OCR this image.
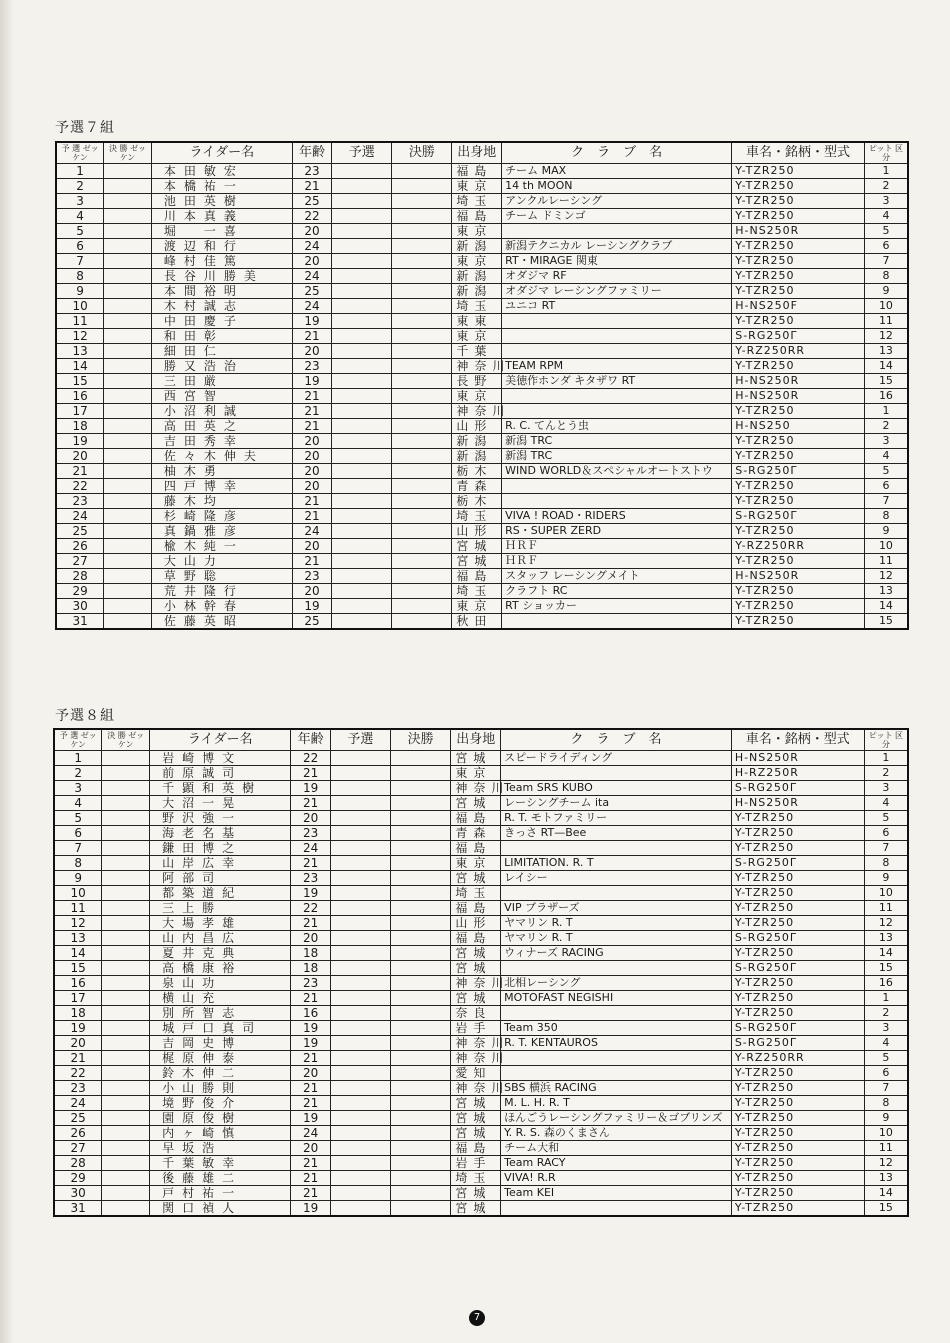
予選７組
予 選 ゼッケン	決 勝 ゼッケン	ライダー名	年齢	予選	決勝	出身地	ク　ラ　ブ　名	車名・銘柄・型式	ピット 区 分
1		本田敏宏	23			福島	チーム MAX	Y-TZR250	1
2		本橋祐一	21			東京	14 th MOON	Y-TZR250	2
3		池田英樹	25			埼玉	アンクルレーシング	Y-TZR250	3
4		川本真義	22			福島	チーム ドミンゴ	Y-TZR250	4
5		堀　一喜	20			東京		H-NS250R	5
6		渡辺和行	24			新潟	新潟テクニカル レーシングクラブ	Y-TZR250	6
7		峰村佳篤	20			東京	RT・MIRAGE 関東	Y-TZR250	7
8		長谷川勝美	24			新潟	オダジマ RF	Y-TZR250	8
9		本間裕明	25			新潟	オダジマ レーシングファミリー	Y-TZR250	9
10		木村誠志	24			埼玉	ユニコ RT	H-NS250F	10
11		中田慶子	19			東東		Y-TZR250	11
12		和田彰	21			東京		S-RG250Γ	12
13		細田仁	20			千葉		Y-RZ250RR	13
14		勝又浩治	23			神奈川	TEAM RPM	Y-TZR250	14
15		三田厳	19			長野	美徳作ホンダ キタザワ RT	H-NS250R	15
16		西宮智	21			東京		H-NS250R	16
17		小沼利誠	21			神奈川		Y-TZR250	1
18		高田英之	21			山形	R. C. てんとう虫	H-NS250	2
19		吉田秀幸	20			新潟	新潟 TRC	Y-TZR250	3
20		佐々木伸夫	20			新潟	新潟 TRC	Y-TZR250	4
21		柚木勇	20			栃木	WIND WORLD＆スペシャルオートストウ	S-RG250Γ	5
22		四戸博幸	20			青森		Y-TZR250	6
23		藤木均	21			栃木		Y-TZR250	7
24		杉崎隆彦	21			埼玉	VIVA ! ROAD・RIDERS	S-RG250Γ	8
25		真鍋雅彦	24			山形	RS・SUPER ZERD	Y-TZR250	9
26		楡木純一	20			宮城	ＨＲＦ	Y-RZ250RR	10
27		大山力	21			宮城	ＨＲＦ	Y-TZR250	11
28		草野聡	23			福島	スタッフ レーシングメイト	H-NS250R	12
29		荒井隆行	20			埼玉	クラフト RC	Y-TZR250	13
30		小林幹春	19			東京	RT ショッカー	Y-TZR250	14
31		佐藤英昭	25			秋田		Y-TZR250	15
予選８組
予 選 ゼッケン	決 勝 ゼッケン	ライダー名	年齢	予選	決勝	出身地	ク　ラ　ブ　名	車名・銘柄・型式	ピット 区 分
1		岩崎博文	22			宮城	スピードライディング	H-NS250R	1
2		前原誠司	21			東京		H-RZ250R	2
3		千顕和英樹	19			神奈川	Team SRS KUBO	S-RG250Γ	3
4		大沼一晃	21			宮城	レーシングチーム ita	H-NS250R	4
5		野沢強一	20			福島	R. T. モトファミリー	Y-TZR250	5
6		海老名基	23			青森	きっさ RT—Bee	Y-TZR250	6
7		鎌田博之	24			福島		Y-TZR250	7
8		山岸広幸	21			東京	LIMITATION. R. T	S-RG250Γ	8
9		阿部司	23			宮城	レイシー	Y-TZR250	9
10		都築道紀	19			埼玉		Y-TZR250	10
11		三上勝	22			福島	VIP ブラザーズ	Y-TZR250	11
12		大場孝雄	21			山形	ヤマリン R. T	Y-TZR250	12
13		山内昌広	20			福島	ヤマリン R. T	S-RG250Γ	13
14		夏井克典	18			宮城	ウィナーズ RACING	Y-TZR250	14
15		高橋康裕	18			宮城		S-RG250Γ	15
16		泉山功	23			神奈川	北相レーシング	Y-TZR250	16
17		横山充	21			宮城	MOTOFAST NEGISHI	Y-TZR250	1
18		別所智志	16			奈良		Y-TZR250	2
19		城戸口真司	19			岩手	Team 350	S-RG250Γ	3
20		吉岡史博	19			神奈川	R. T. KENTAUROS	S-RG250Γ	4
21		梶原伸泰	21			神奈川		Y-RZ250RR	5
22		鈴木伸二	20			愛知		Y-TZR250	6
23		小山勝則	21			神奈川	SBS 横浜 RACING	Y-TZR250	7
24		境野俊介	21			宮城	M. L. H. R. T	Y-TZR250	8
25		園原俊樹	19			宮城	ほんごうレーシングファミリー＆ゴブリンズ	Y-TZR250	9
26		内ヶ崎慎	24			宮城	Y. R. S. 森のくまさん	Y-TZR250	10
27		早坂浩	20			福島	チーム大和	Y-TZR250	11
28		千葉敏幸	21			岩手	Team RACY	Y-TZR250	12
29		後藤雄二	21			埼玉	VIVA! R.R	Y-TZR250	13
30		戸村祐一	21			宮城	Team KEI	Y-TZR250	14
31		関口禎人	19			宮城		Y-TZR250	15
7
